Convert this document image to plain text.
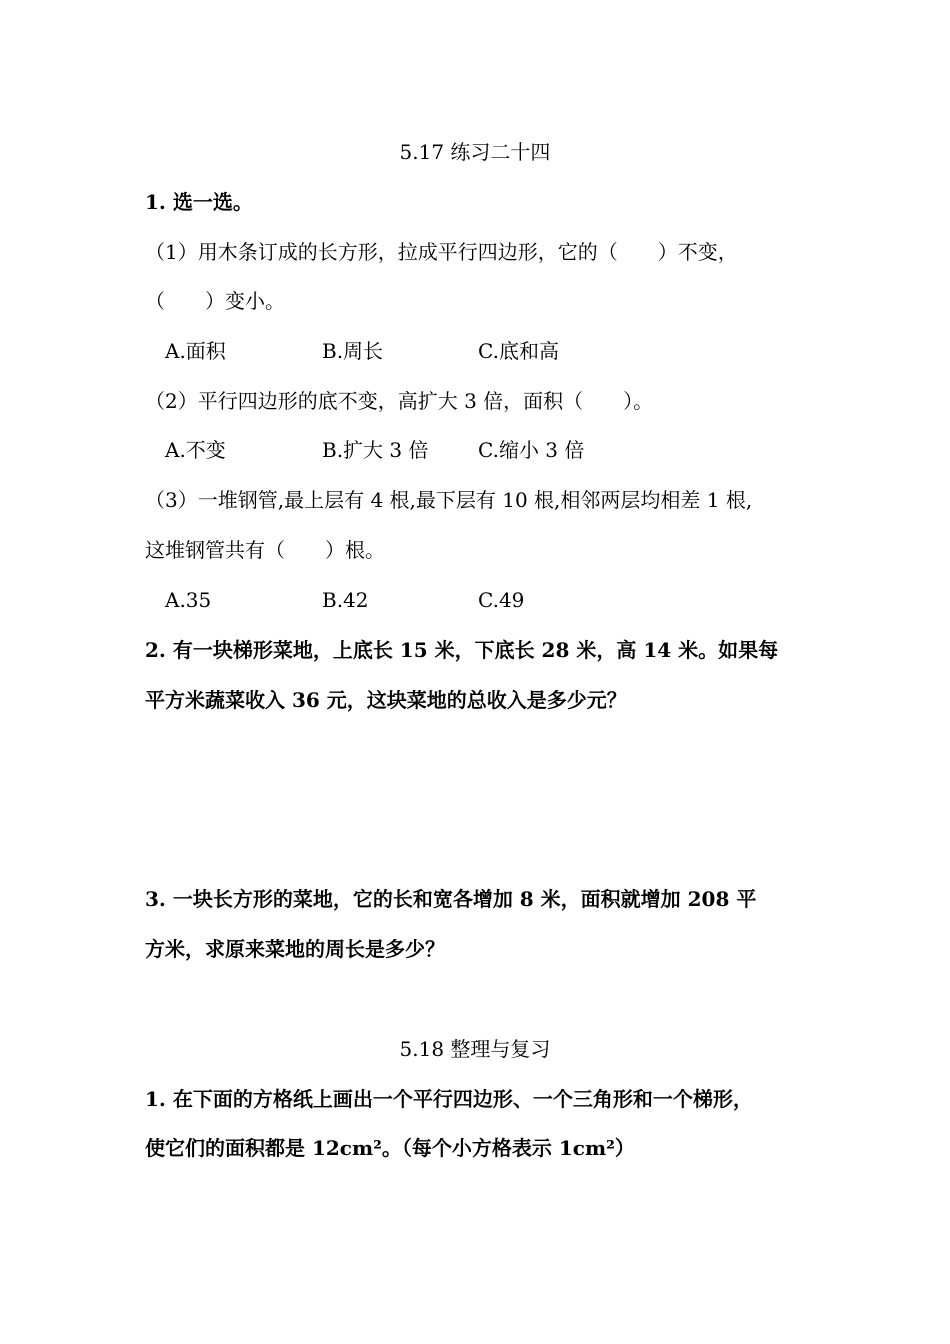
5.17 练习二十四
1. 选一选。
（1）用木条订成的长方形，拉成平行四边形，它的（　　）不变，
（　　）变小。
A.面积	B.周长	C.底和高
（2）平行四边形的底不变，高扩大 3 倍，面积（　　）。
A.不变	B.扩大 3 倍 C.缩小 3 倍
（3）一堆钢管,最上层有 4 根,最下层有 10 根,相邻两层均相差 1 根,
这堆钢管共有（　　）根。
A.35	B.42	C.49
2. 有一块梯形菜地，上底长 15 米，下底长 28 米，高 14 米。如果每
平方米蔬菜收入 36 元，这块菜地的总收入是多少元？
3. 一块长方形的菜地，它的长和宽各增加 8 米，面积就增加 208 平
方米，求原来菜地的周长是多少？
5.18 整理与复习
1. 在下面的方格纸上画出一个平行四边形、一个三角形和一个梯形，
使它们的面积都是 12cm²。（每个小方格表示 1cm²）
